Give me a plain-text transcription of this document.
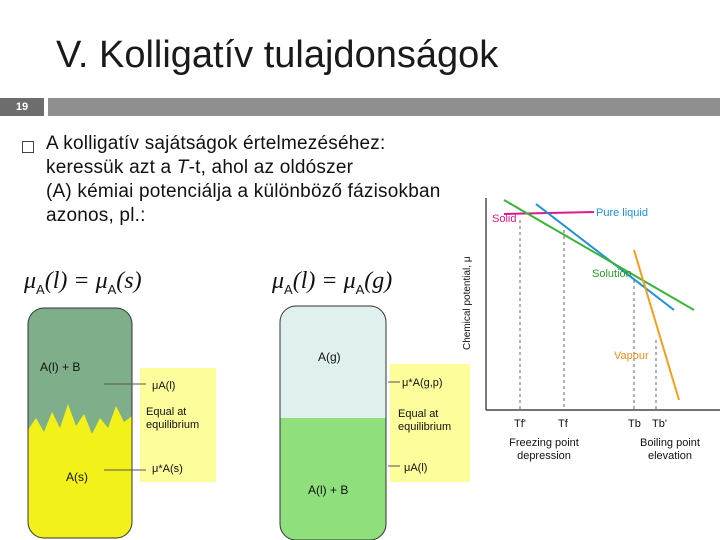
V. Kolligatív tulajdonságok
19
A kolligatív sajátságok értelmezéséhez:
keressük azt a T-t, ahol az oldószer
(A) kémiai potenciálja a különböző fázisokban
azonos, pl.:
$\mu_A(l) = \mu_A(s)$	$\mu_A(l) = \mu_A(g)$
A(l) + B
A(s)
μA(l)
Equal at equilibrium
μ*A(s)
A(g)
A(l) + B
μ*A(g,p)
Equal at equilibrium
μA(l)
Chemical potential, μ
Solid	Pure liquid
Solution
Vapour
Tf'	Tf	Tb Tb'
Freezing point depression
Boiling point elevation
